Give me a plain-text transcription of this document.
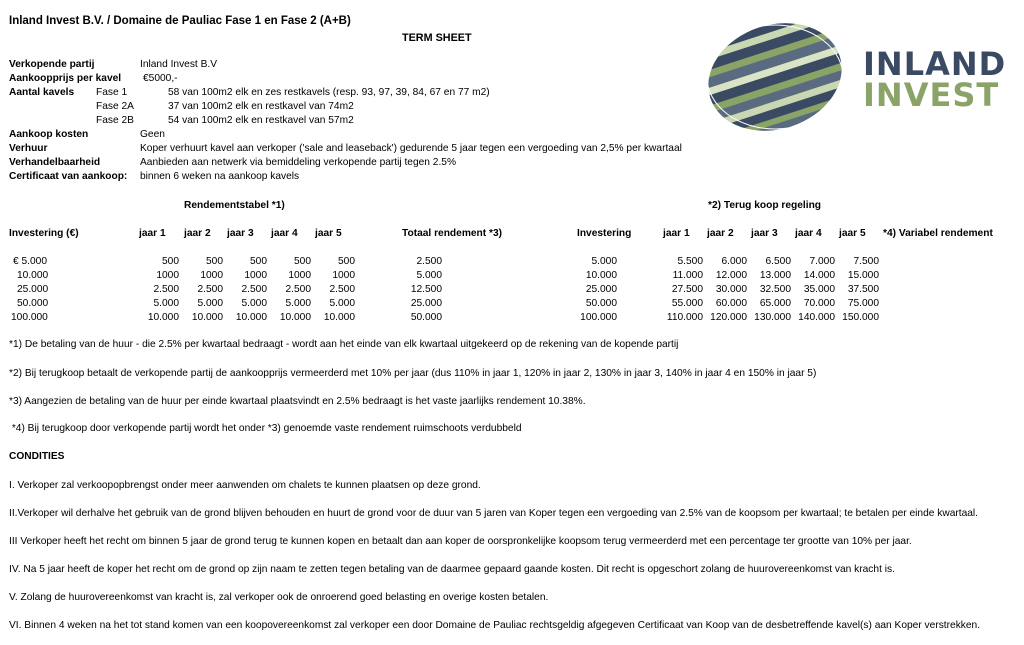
Inland Invest B.V. / Domaine de Pauliac Fase 1 en Fase 2 (A+B)
TERM SHEET
INLAND
INVEST
Verkopende partij	Inland Invest B.V
Aankoopprijs per kavel €5000,-
Aantal kavels Fase 1	58 van 100m2 elk en zes restkavels (resp. 93, 97, 39, 84, 67 en 77 m2)
Fase 2A	37 van 100m2 elk en restkavel van 74m2
Fase 2B	54 van 100m2 elk en restkavel van 57m2
Aankoop kosten	Geen
Verhuur	Koper verhuurt kavel aan verkoper ('sale and leaseback') gedurende 5 jaar tegen een vergoeding van 2,5% per kwartaal
Verhandelbaarheid	Aanbieden aan netwerk via bemiddeling verkopende partij tegen 2.5%
Certificaat van aankoop: binnen 6 weken na aankoop kavels
Rendementstabel *1)	*2) Terug koop regeling
Investering (€)	jaar 1 jaar 2 jaar 3 jaar 4 jaar 5	Totaal rendement *3)	Investering	jaar 1 jaar 2 jaar 3 jaar 4 jaar 5 *4) Variabel rendement
€ 5.000	500	500	500	500	500	2.500
10.000	1000	1000	1000	1000	1000	5.000
25.000	2.500	2.500	2.500	2.500	2.500	12.500
50.000	5.000	5.000	5.000	5.000	5.000	25.000
100.000	10.000	10.000	10.000	10.000	10.000	50.000
5.000	5.500	6.000	6.500	7.000	7.500
10.000	11.000	12.000	13.000	14.000	15.000
25.000	27.500	30.000	32.500	35.000	37.500
50.000	55.000	60.000	65.000	70.000	75.000
100.000	110.000 120.000 130.000 140.000 150.000
*1) De betaling van de huur - die 2.5% per kwartaal bedraagt - wordt aan het einde van elk kwartaal uitgekeerd op de rekening van de kopende partij
*2) Bij terugkoop betaalt de verkopende partij de aankoopprijs vermeerderd met 10% per jaar (dus 110% in jaar 1, 120% in jaar 2, 130% in jaar 3, 140% in jaar 4 en 150% in jaar 5)
*3) Aangezien de betaling van de huur per einde kwartaal plaatsvindt en 2.5% bedraagt is het vaste jaarlijks rendement 10.38%.
*4) Bij terugkoop door verkopende partij wordt het onder *3) genoemde vaste rendement ruimschoots verdubbeld
CONDITIES
I. Verkoper zal verkoopopbrengst onder meer aanwenden om chalets te kunnen plaatsen op deze grond.
II.Verkoper wil derhalve het gebruik van de grond blijven behouden en huurt de grond voor de duur van 5 jaren van Koper tegen een vergoeding van 2.5% van de koopsom per kwartaal; te betalen per einde kwartaal.
III Verkoper heeft het recht om binnen 5 jaar de grond terug te kunnen kopen en betaalt dan aan koper de oorspronkelijke koopsom terug vermeerderd met een percentage ter grootte van 10% per jaar.
IV. Na 5 jaar heeft de koper het recht om de grond op zijn naam te zetten tegen betaling van de daarmee gepaard gaande kosten. Dit recht is opgeschort zolang de huurovereenkomst van kracht is.
V. Zolang de huurovereenkomst van kracht is, zal verkoper ook de onroerend goed belasting en overige kosten betalen.
VI. Binnen 4 weken na het tot stand komen van een koopovereenkomst zal verkoper een door Domaine de Pauliac rechtsgeldig afgegeven Certificaat van Koop van de desbetreffende kavel(s) aan Koper verstrekken.
